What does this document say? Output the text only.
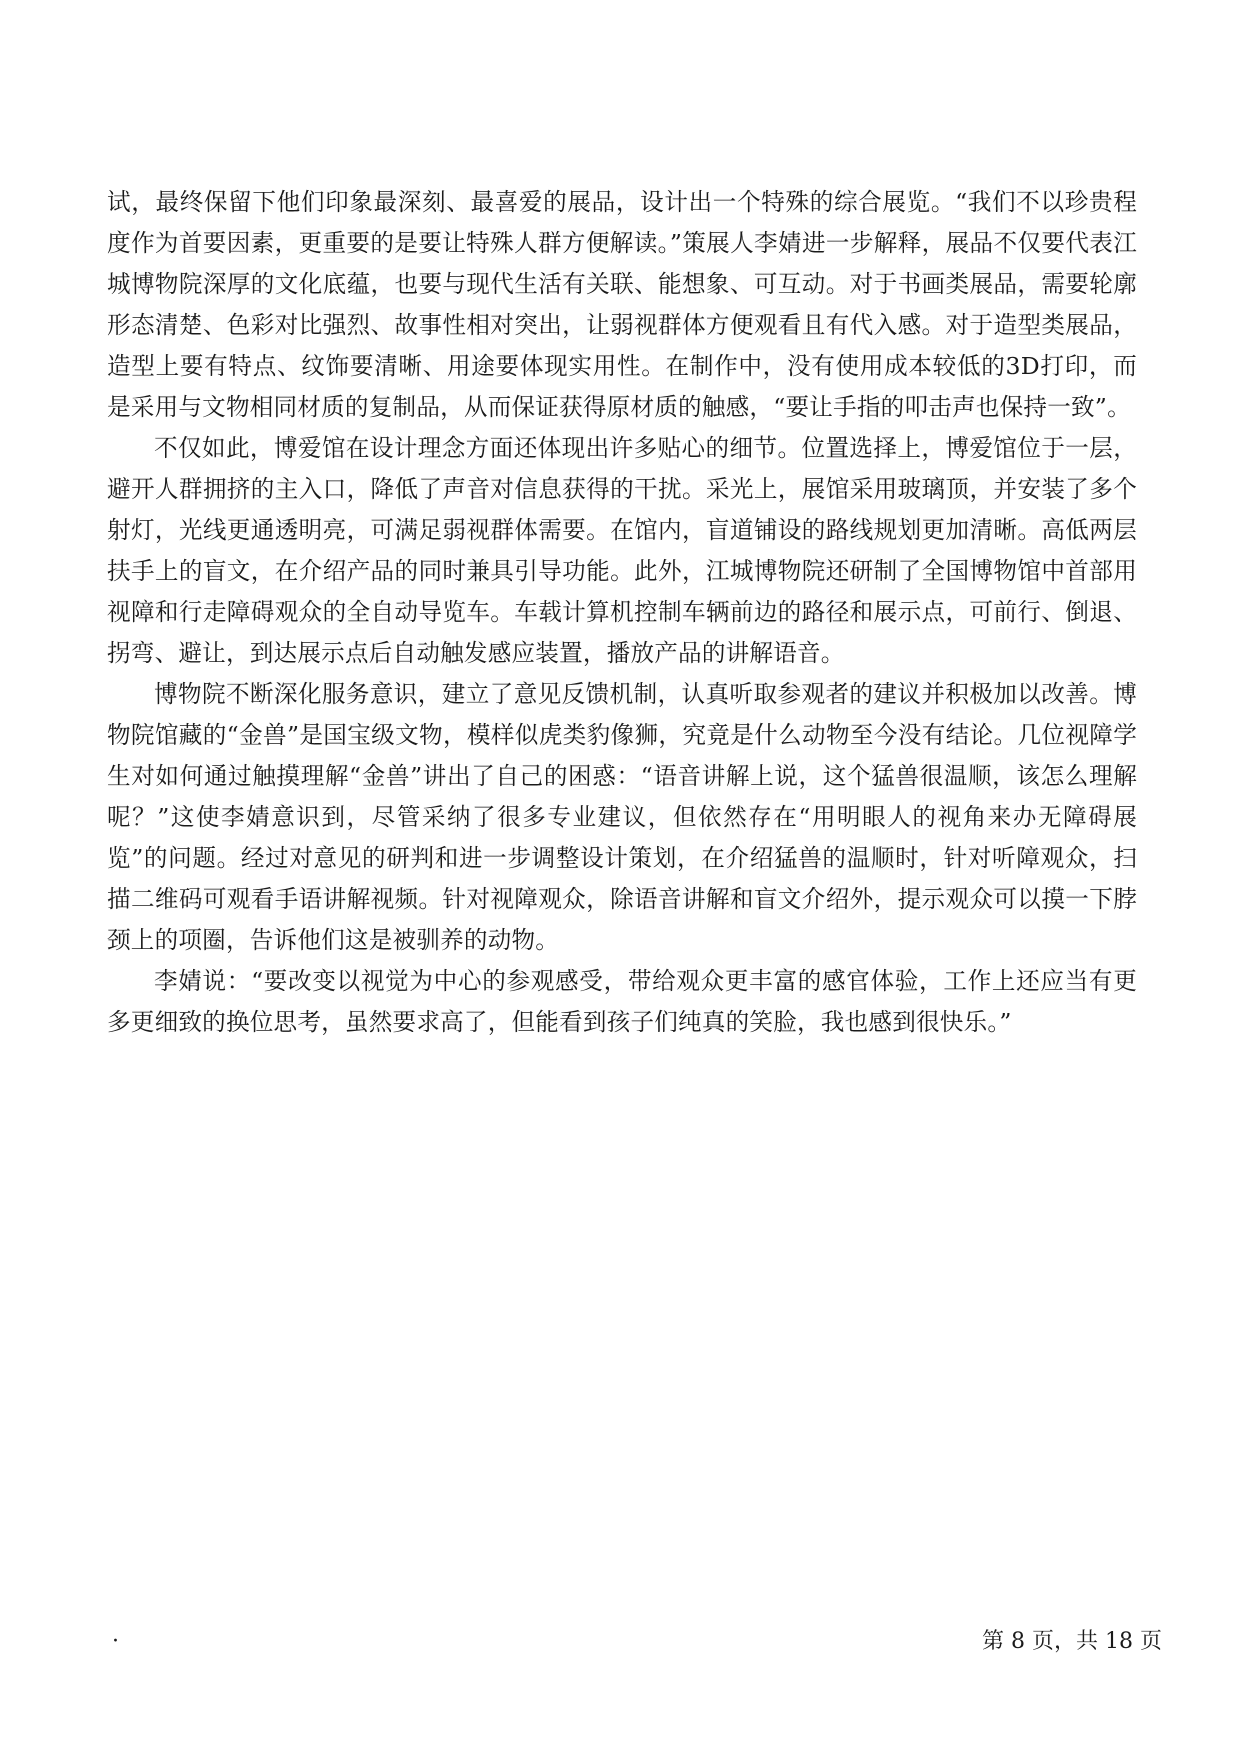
试，最终保留下他们印象最深刻、最喜爱的展品，设计出一个特殊的综合展览。“我们不以珍贵程度作为首要因素，更重要的是要让特殊人群方便解读。”策展人李婧进一步解释，展品不仅要代表江城博物院深厚的文化底蕴，也要与现代生活有关联、能想象、可互动。对于书画类展品，需要轮廓形态清楚、色彩对比强烈、故事性相对突出，让弱视群体方便观看且有代入感。对于造型类展品，造型上要有特点、纹饰要清晰、用途要体现实用性。在制作中，没有使用成本较低的3D打印，而是采用与文物相同材质的复制品，从而保证获得原材质的触感，“要让手指的叩击声也保持一致”。

不仅如此，博爱馆在设计理念方面还体现出许多贴心的细节。位置选择上，博爱馆位于一层，避开人群拥挤的主入口，降低了声音对信息获得的干扰。采光上，展馆采用玻璃顶，并安装了多个射灯，光线更通透明亮，可满足弱视群体需要。在馆内，盲道铺设的路线规划更加清晰。高低两层扶手上的盲文，在介绍产品的同时兼具引导功能。此外，江城博物院还研制了全国博物馆中首部用视障和行走障碍观众的全自动导览车。车载计算机控制车辆前边的路径和展示点，可前行、倒退、拐弯、避让，到达展示点后自动触发感应装置，播放产品的讲解语音。

博物院不断深化服务意识，建立了意见反馈机制，认真听取参观者的建议并积极加以改善。博物院馆藏的“金兽”是国宝级文物，模样似虎类豹像狮，究竟是什么动物至今没有结论。几位视障学生对如何通过触摸理解“金兽”讲出了自己的困惑：“语音讲解上说，这个猛兽很温顺，该怎么理解呢？”这使李婧意识到，尽管采纳了很多专业建议，但依然存在“用明眼人的视角来办无障碍展览”的问题。经过对意见的研判和进一步调整设计策划，在介绍猛兽的温顺时，针对听障观众，扫描二维码可观看手语讲解视频。针对视障观众，除语音讲解和盲文介绍外，提示观众可以摸一下脖颈上的项圈，告诉他们这是被驯养的动物。

李婧说：“要改变以视觉为中心的参观感受，带给观众更丰富的感官体验，工作上还应当有更多更细致的换位思考，虽然要求高了，但能看到孩子们纯真的笑脸，我也感到很快乐。”

·	第 8 页，共 18 页
